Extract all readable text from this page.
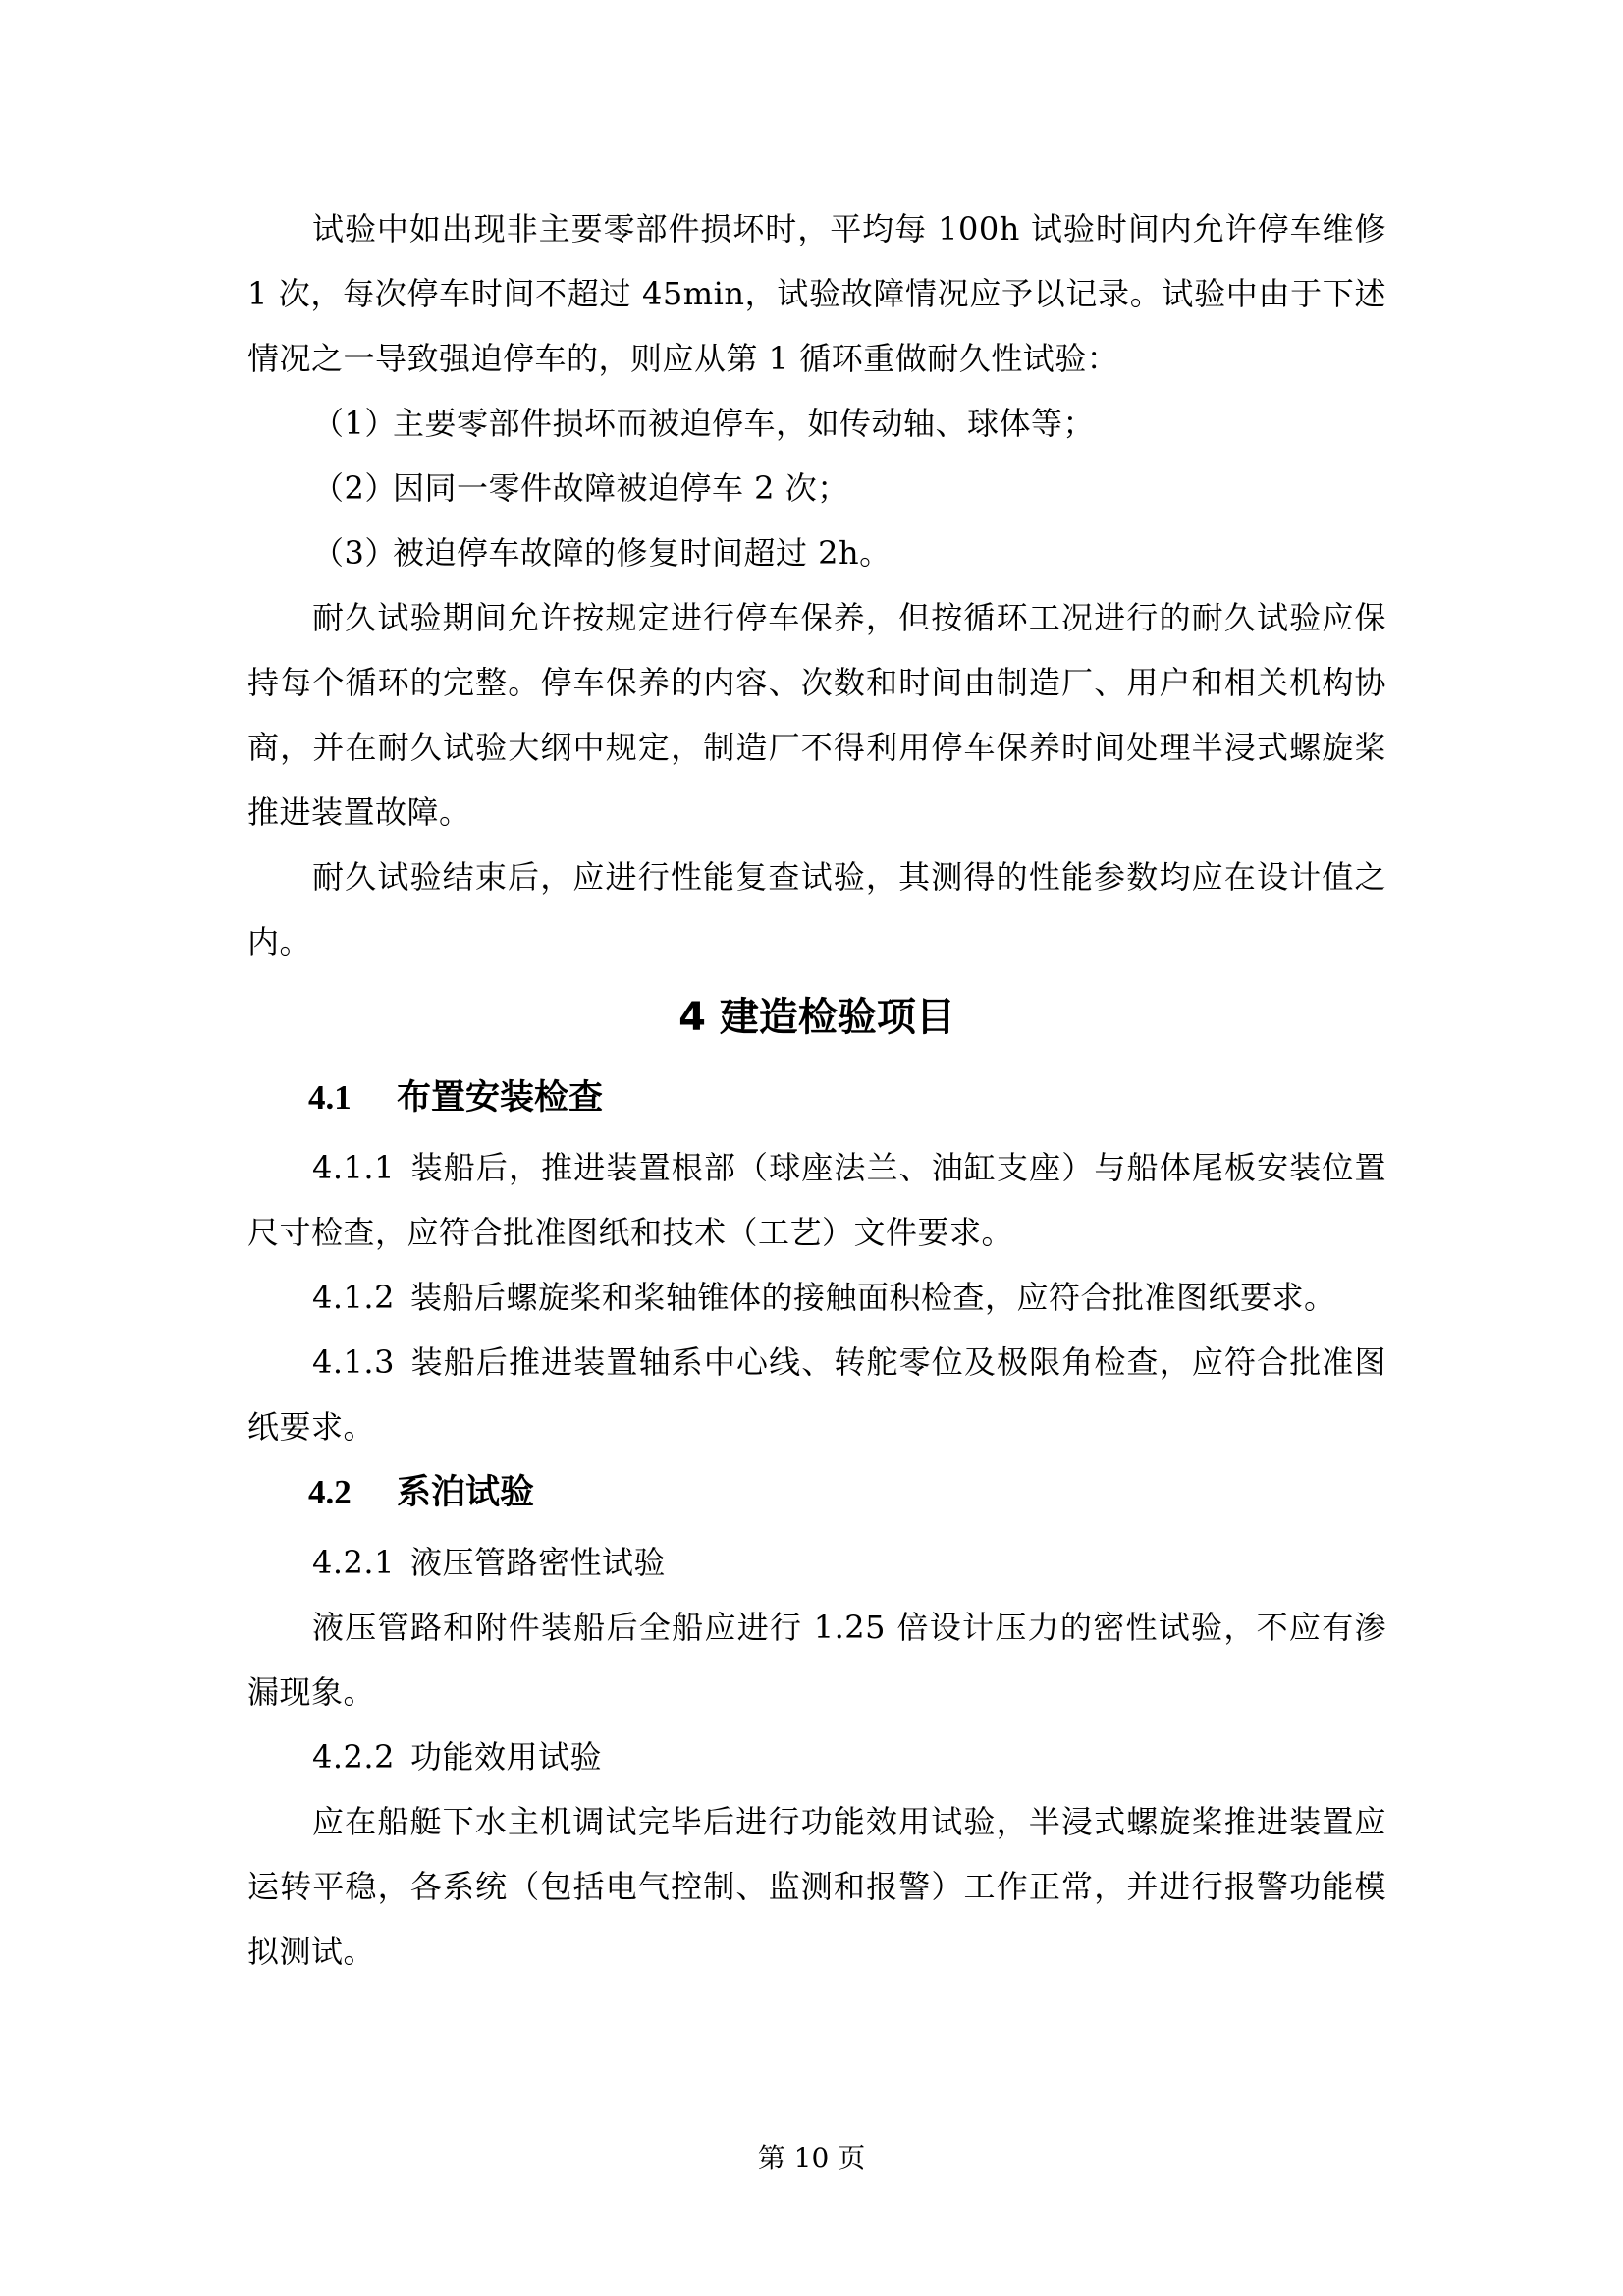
试验中如出现非主要零部件损坏时，平均每 100h 试验时间内允许停车维修 1 次，每次停车时间不超过 45min，试验故障情况应予以记录。试验中由于下述情况之一导致强迫停车的，则应从第 1 循环重做耐久性试验：

（1）主要零部件损坏而被迫停车，如传动轴、球体等；

（2）因同一零件故障被迫停车 2 次；

（3）被迫停车故障的修复时间超过 2h。

耐久试验期间允许按规定进行停车保养，但按循环工况进行的耐久试验应保持每个循环的完整。停车保养的内容、次数和时间由制造厂、用户和相关机构协商，并在耐久试验大纲中规定，制造厂不得利用停车保养时间处理半浸式螺旋桨推进装置故障。

耐久试验结束后，应进行性能复查试验，其测得的性能参数均应在设计值之内。

4 建造检验项目
4.1 布置安装检查

4.1.1 装船后，推进装置根部（球座法兰、油缸支座）与船体尾板安装位置尺寸检查，应符合批准图纸和技术（工艺）文件要求。

4.1.2 装船后螺旋桨和桨轴锥体的接触面积检查，应符合批准图纸要求。

4.1.3 装船后推进装置轴系中心线、转舵零位及极限角检查，应符合批准图纸要求。

4.2 系泊试验

4.2.1 液压管路密性试验

液压管路和附件装船后全船应进行 1.25 倍设计压力的密性试验，不应有渗漏现象。

4.2.2 功能效用试验

应在船艇下水主机调试完毕后进行功能效用试验，半浸式螺旋桨推进装置应运转平稳，各系统（包括电气控制、监测和报警）工作正常，并进行报警功能模拟测试。

第 10 页
